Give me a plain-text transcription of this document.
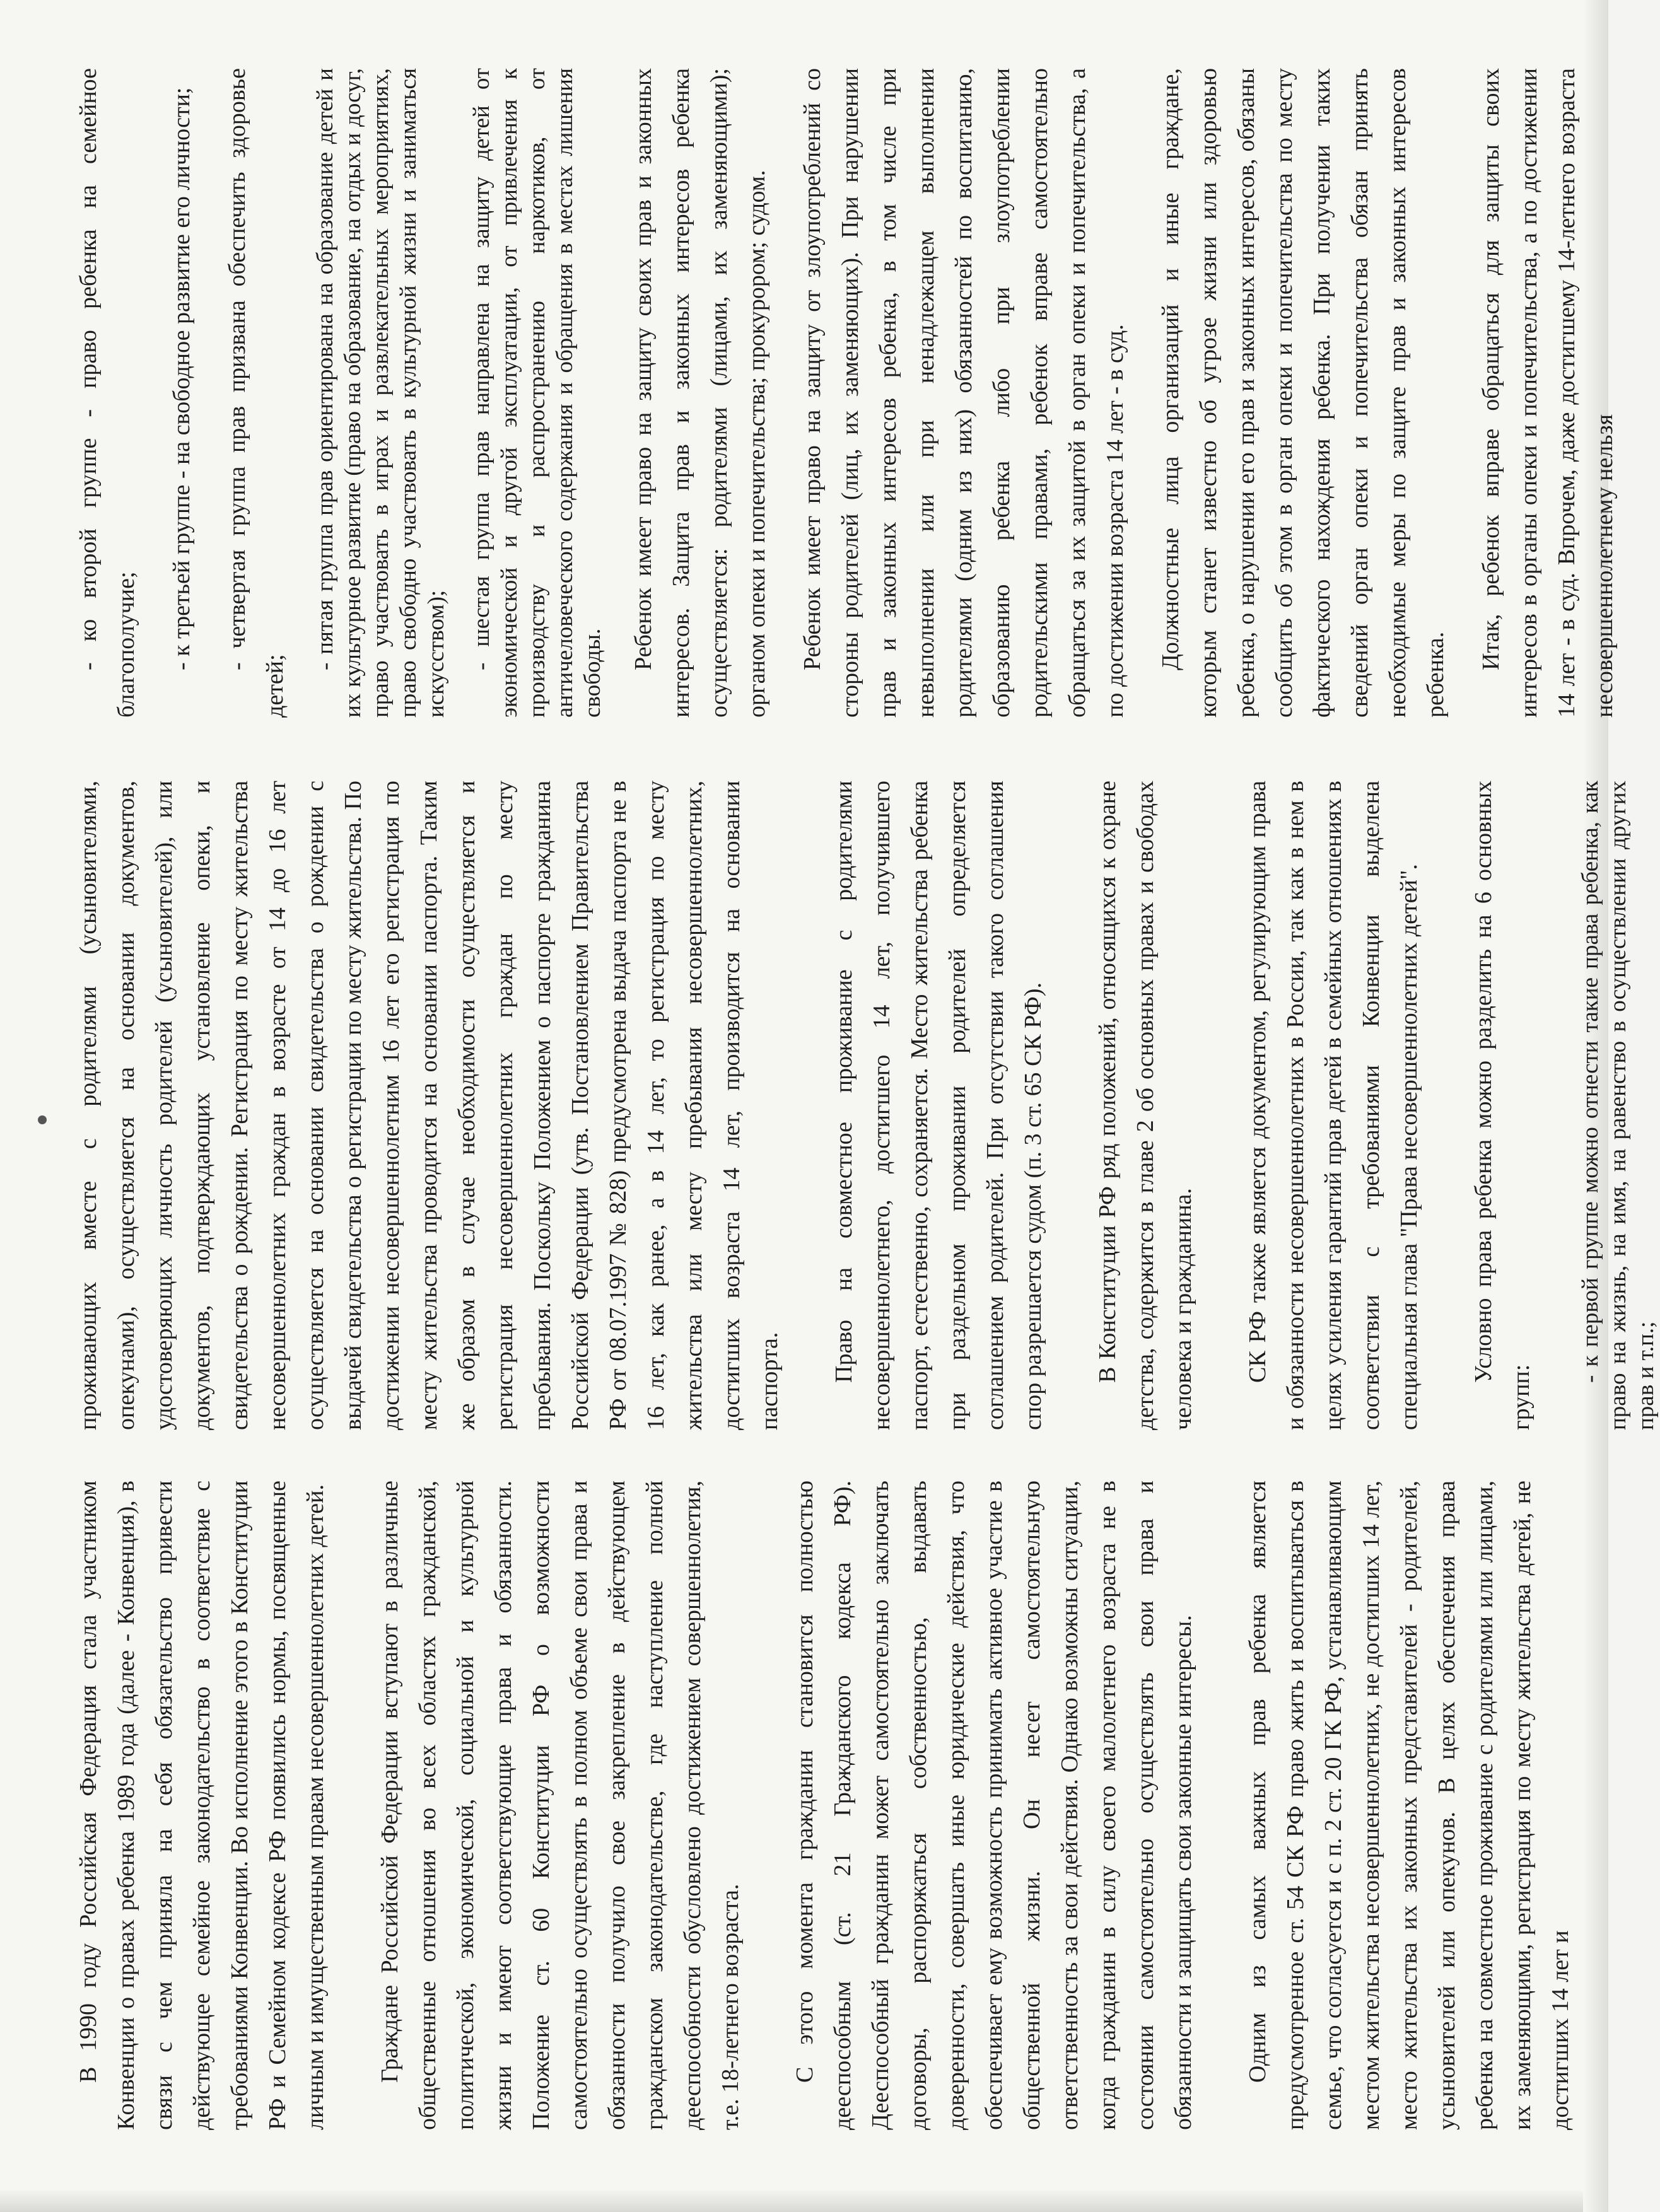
В 1990 году Российская Федерация стала участником Конвенции о правах ребенка 1989 года (далее - Конвенция), в связи с чем приняла на себя обязательство привести действующее семейное законодательство в соответствие с требованиями Конвенции. Во исполнение этого в Конституции РФ и Семейном кодексе РФ появились нормы, посвященные личным и имущественным правам несовершеннолетних детей. Граждане Российской Федерации вступают в различные общественные отношения во всех областях гражданской, политической, экономической, социальной и культурной жизни и имеют соответствующие права и обязанности. Положение ст. 60 Конституции РФ о возможности самостоятельно осуществлять в полном объеме свои права и обязанности получило свое закрепление в действующем гражданском законодательстве, где наступление полной дееспособности обусловлено достижением совершеннолетия, т.е. 18-летнего возраста. С этого момента гражданин становится полностью дееспособным (ст. 21 Гражданского кодекса РФ). Дееспособный гражданин может самостоятельно заключать договоры, распоряжаться собственностью, выдавать доверенности, совершать иные юридические действия, что обеспечивает ему возможность принимать активное участие в общественной жизни. Он несет самостоятельную ответственность за свои действия. Однако возможны ситуации, когда гражданин в силу своего малолетнего возраста не в состоянии самостоятельно осуществлять свои права и обязанности и защищать свои законные интересы. Одним из самых важных прав ребенка является предусмотренное ст. 54 СК РФ право жить и воспитываться в семье, что согласуется и с п. 2 ст. 20 ГК РФ, устанавливающим местом жительства несовершеннолетних, не достигших 14 лет, место жительства их законных представителей - родителей, усыновителей или опекунов. В целях обеспечения права ребенка на совместное проживание с родителями или лицами, их заменяющими, регистрация по месту жительства детей, не достигших 14 лет и

проживающих вместе с родителями (усыновителями, опекунами), осуществляется на основании документов, удостоверяющих личность родителей (усыновителей), или документов, подтверждающих установление опеки, и свидетельства о рождении. Регистрация по месту жительства несовершеннолетних граждан в возрасте от 14 до 16 лет осуществляется на основании свидетельства о рождении с выдачей свидетельства о регистрации по месту жительства. По достижении несовершеннолетним 16 лет его регистрация по месту жительства проводится на основании паспорта. Таким же образом в случае необходимости осуществляется и регистрация несовершеннолетних граждан по месту пребывания. Поскольку Положением о паспорте гражданина Российской Федерации (утв. Постановлением Правительства РФ от 08.07.1997 № 828) предусмотрена выдача паспорта не в 16 лет, как ранее, а в 14 лет, то регистрация по месту жительства или месту пребывания несовершеннолетних, достигших возраста 14 лет, производится на основании паспорта. Право на совместное проживание с родителями несовершеннолетнего, достигшего 14 лет, получившего паспорт, естественно, сохраняется. Место жительства ребенка при раздельном проживании родителей определяется соглашением родителей. При отсутствии такого соглашения спор разрешается судом (п. 3 ст. 65 СК РФ). В Конституции РФ ряд положений, относящихся к охране детства, содержится в главе 2 об основных правах и свободах человека и гражданина. СК РФ также является документом, регулирующим права и обязанности несовершеннолетних в России, так как в нем в целях усиления гарантий прав детей в семейных отношениях в соответствии с требованиями Конвенции выделена специальная глава "Права несовершеннолетних детей". Условно права ребенка можно разделить на 6 основных групп:

- к первой группе можно отнести такие права ребенка, как право на жизнь, на имя, на равенство в осуществлении других прав и т.п.;

- ко второй группе - право ребенка на семейное благополучие; - к третьей группе - на свободное развитие его личности; - четвертая группа прав призвана обеспечить здоровье детей;

- пятая группа прав ориентирована на образование детей и их культурное развитие (право на образование, на отдых и досуг, право участвовать в играх и развлекательных мероприятиях, право свободно участвовать в культурной жизни и заниматься искусством); - шестая группа прав направлена на защиту детей от экономической и другой эксплуатации, от привлечения к производству и распространению наркотиков, от античеловеческого содержания и обращения в местах лишения свободы.

Ребенок имеет право на защиту своих прав и законных интересов. Защита прав и законных интересов ребенка осуществляется: родителями (лицами, их заменяющими); органом опеки и попечительства; прокурором; судом. Ребенок имеет право на защиту от злоупотреблений со стороны родителей (лиц, их заменяющих). При нарушении прав и законных интересов ребенка, в том числе при невыполнении или при ненадлежащем выполнении родителями (одним из них) обязанностей по воспитанию, образованию ребенка либо при злоупотреблении родительскими правами, ребенок вправе самостоятельно обращаться за их защитой в орган опеки и попечительства, а по достижении возраста 14 лет - в суд. Должностные лица организаций и иные граждане, которым станет известно об угрозе жизни или здоровью ребенка, о нарушении его прав и законных интересов, обязаны сообщить об этом в орган опеки и попечительства по месту фактического нахождения ребенка. При получении таких сведений орган опеки и попечительства обязан принять необходимые меры по защите прав и законных интересов ребенка.

Итак, ребенок вправе обращаться для защиты своих интересов в органы опеки и попечительства, а по достижении 14 лет - в суд. Впрочем, даже достигшему 14-летнего возраста несовершеннолетнему нельзя
